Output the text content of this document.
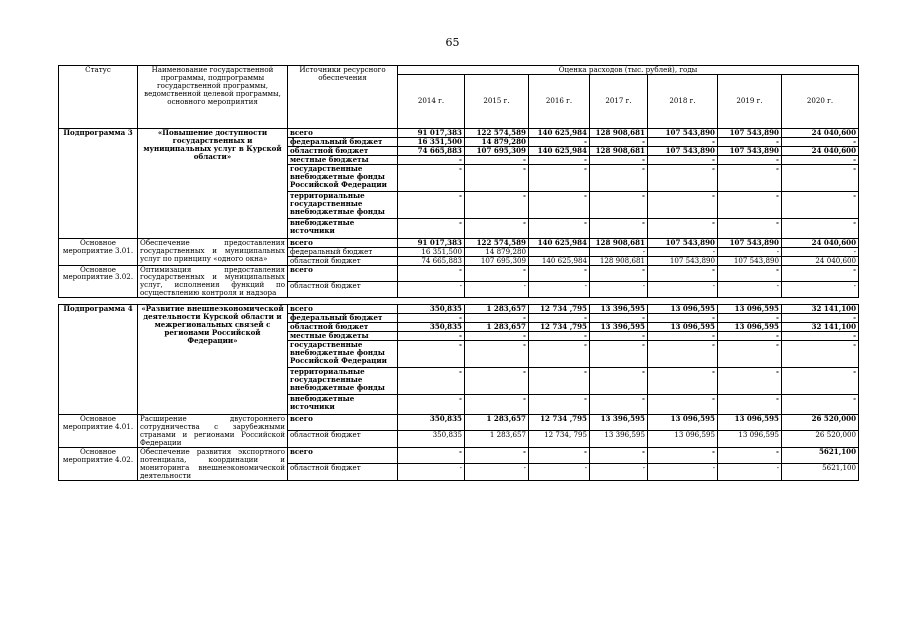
65
Статус	Наименование государственной программы, подпрограммы государственной программы, ведомственной целевой программы, основного мероприятия	Источники ресурсного обеспечения	Оценка расходов (тыс. рублей), годы						
			2014 г.	2015 г.	2016 г.	2017 г.	2018 г.	2019 г.	2020 г.
Подпрограмма 3	«Повышение доступности государственных и муниципальных услуг в Курской области»	всего	91 017,383	122 574,589	140 625,984	128 908,681	107 543,890	107 543,890	24 040,600
		федеральный бюджет	16 351,500	14 879,280	-	-	-	-	-
		областной бюджет	74 665,883	107 695,309	140 625,984	128 908,681	107 543,890	107 543,890	24 040,600
		местные бюджеты	-	-	-	-	-	-	-
		государственные внебюджетные фонды Российской Федерации	-	-	-	-	-	-	-
		территориальные государственные внебюджетные фонды	-	-	-	-	-	-	-
		внебюджетные источники	-	-	-	-	-	-	-
Основное мероприятие 3.01.	Обеспечение предоставления государственных и муниципальных услуг по принципу «одного окна»	всего	91 017,383	122 574,589	140 625,984	128 908,681	107 543,890	107 543,890	24 040,600
		федеральный бюджет	16 351,500	14 879,280		-	-	-	-
		областной бюджет	74 665,883	107 695,309	140 625,984	128 908,681	107 543,890	107 543,890	24 040,600
Основное мероприятие 3.02.	Оптимизация предоставления государственных и муниципальных услуг, исполнения функций по осуществлению контроля и надзора	всего	-	-	-	-	-	-	-
		областной бюджет	-	-	-	-	-	-	-

Подпрограмма 4	«Развитие внешнеэкономической деятельности Курской области и межрегиональных связей с регионами Российской Федерации»	всего	350,835	1 283,657	12 734 ,795	13 396,595	13 096,595	13 096,595	32 141,100
		федеральный бюджет	-	-	-	-	-	-	-
		областной бюджет	350,835	1 283,657	12 734 ,795	13 396,595	13 096,595	13 096,595	32 141,100
		местные бюджеты	-	-	-	-	-	-	-
		государственные внебюджетные фонды Российской Федерации	-	-	-	-	-	-	-
		территориальные государственные внебюджетные фонды	-	-	-	-	-	-	-
		внебюджетные источники	-	-	-	-	-	-	-
Основное мероприятие 4.01.	Расширение двустороннего сотрудничества с зарубежными странами и регионами Российской Федерации	всего	350,835	1 283,657	12 734 ,795	13 396,595	13 096,595	13 096,595	26 520,000
		областной бюджет	350,835	1 283,657	12 734, 795	13 396,595	13 096,595	13 096,595	26 520,000
Основное мероприятие 4.02.	Обеспечение развития экспортного потенциала, координации и мониторинга внешнеэкономической деятельности	всего	-	-	-	-	-	-	5621,100
		областной бюджет	-	-	-	-	-	-	5621,100
